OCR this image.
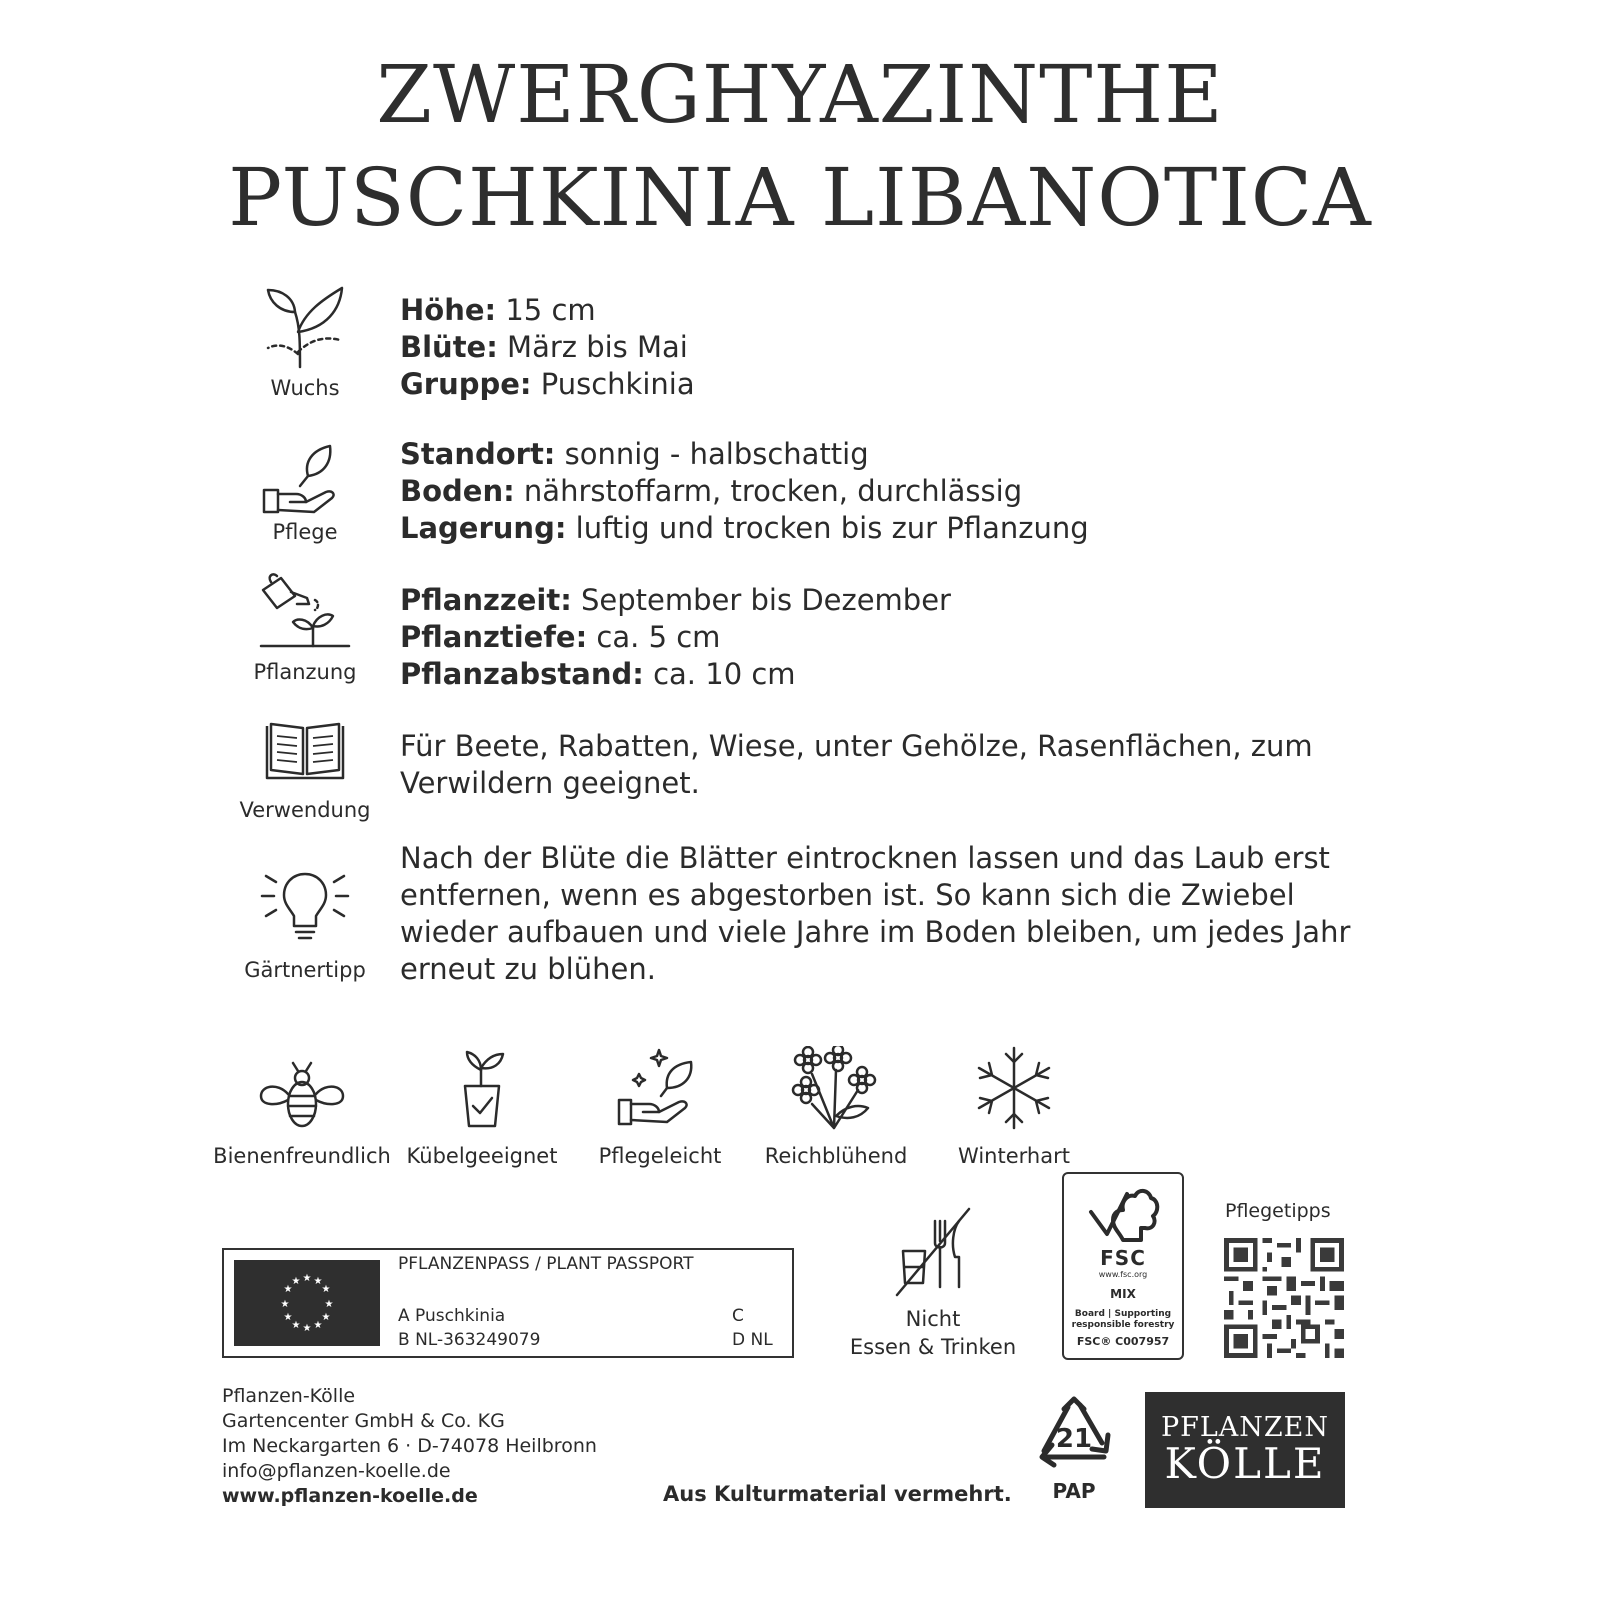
ZWERGHYAZINTHE
PUSCHKINIA LIBANOTICA
Wuchs
Höhe: 15 cm
Blüte: März bis Mai
Gruppe: Puschkinia
Pflege
Standort: sonnig - halbschattig
Boden: nährstoffarm, trocken, durchlässig
Lagerung: luftig und trocken bis zur Pflanzung
Pflanzung
Pflanzzeit: September bis Dezember
Pflanztiefe: ca. 5 cm
Pflanzabstand: ca. 10 cm
Verwendung
Für Beete, Rabatten, Wiese, unter Gehölze, Rasenflächen, zum
Verwildern geeignet.
Gärtnertipp
Nach der Blüte die Blätter eintrocknen lassen und das Laub erst
entfernen, wenn es abgestorben ist. So kann sich die Zwiebel
wieder aufbauen und viele Jahre im Boden bleiben, um jedes Jahr
erneut zu blühen.
Bienenfreundlich Kübelgeeignet	Pflegeleicht	Reichblühend	Winterhart
★ ★
★
★
★
★
★
★
★
★
★
★
PFLANZENPASS / PLANT PASSPORT
A Puschkinia
B NL-363249079
C
D NL
Nicht
Essen & Trinken
FSC
www.fsc.org
MIX
Board | Supporting
responsible forestry
FSC® C007957
Pflegetipps
Pflanzen-Kölle
Gartencenter GmbH & Co. KG
Im Neckargarten 6 · D-74078 Heilbronn
info@pflanzen-koelle.de
www.pflanzen-koelle.de	Aus Kulturmaterial vermehrt.
21
PAP
PFLANZEN
KÖLLE
